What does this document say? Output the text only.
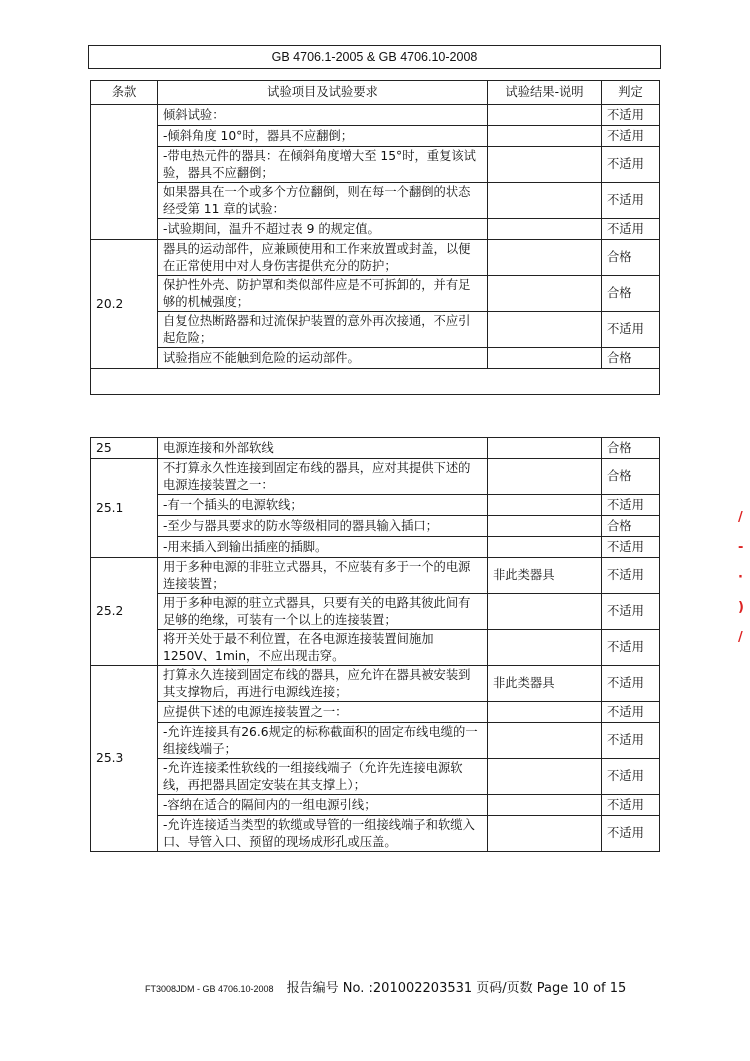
GB 4706.1-2005 & GB 4706.10-2008
条款	试验项目及试验要求	试验结果-说明	判定
	倾斜试验：		不适用
	-倾斜角度 10°时，器具不应翻倒；		不适用
	-带电热元件的器具：在倾斜角度增大至 15°时，重复该试验，器具不应翻倒；		不适用
	如果器具在一个或多个方位翻倒，则在每一个翻倒的状态经受第 11 章的试验：		不适用
	-试验期间，温升不超过表 9 的规定值。		不适用
20.2	器具的运动部件，应兼顾使用和工作来放置或封盖，以便在正常使用中对人身伤害提供充分的防护；		合格
	保护性外壳、防护罩和类似部件应是不可拆卸的，并有足够的机械强度；		合格
	自复位热断路器和过流保护装置的意外再次接通，不应引起危险；		不适用
	试验指应不能触到危险的运动部件。		合格

25	电源连接和外部软线		合格
25.1	不打算永久性连接到固定布线的器具，应对其提供下述的电源连接装置之一：		合格
	-有一个插头的电源软线；		不适用
	-至少与器具要求的防水等级相同的器具输入插口；		合格
	-用来插入到输出插座的插脚。		不适用
25.2	用于多种电源的非驻立式器具，不应装有多于一个的电源连接装置；	非此类器具	不适用
	用于多种电源的驻立式器具，只要有关的电路其彼此间有足够的绝缘，可装有一个以上的连接装置；		不适用
	将开关处于最不利位置，在各电源连接装置间施加 1250V、1min，不应出现击穿。		不适用
25.3	打算永久连接到固定布线的器具，应允许在器具被安装到其支撑物后，再进行电源线连接；	非此类器具	不适用
	应提供下述的电源连接装置之一：		不适用
	-允许连接具有26.6规定的标称截面积的固定布线电缆的一组接线端子；		不适用
	-允许连接柔性软线的一组接线端子（允许先连接电源软线，再把器具固定安装在其支撑上）；		不适用
	-容纳在适合的隔间内的一组电源引线；		不适用
	-允许连接适当类型的软缆或导管的一组接线端子和软缆入口、导管入口、预留的现场成形孔或压盖。		不适用
/
-
·
)
/
FT3008JDM - GB 4706.10-2008 报告编号 No. :201002203531 页码/页数 Page 10 of 15
